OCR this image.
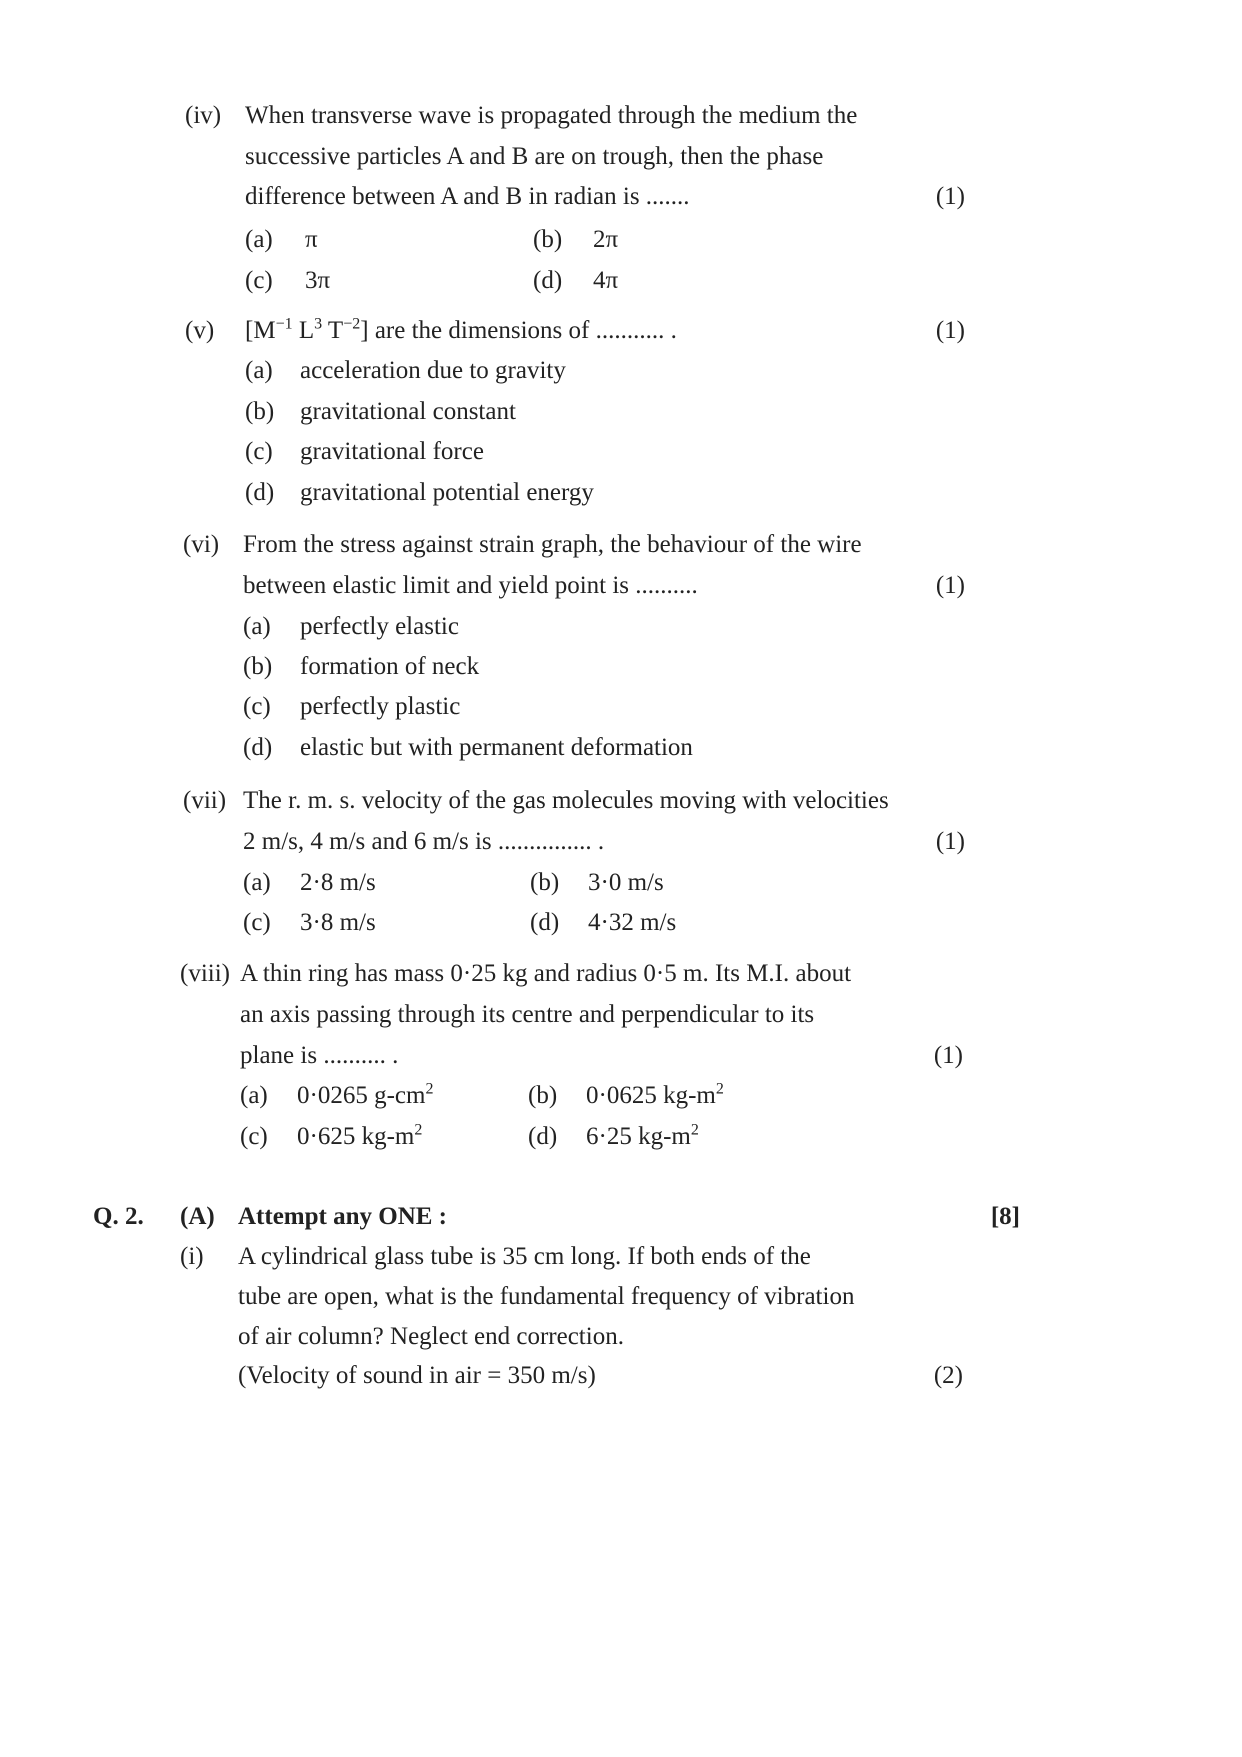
(iv) When transverse wave is propagated through the medium the
successive particles A and B are on trough, then the phase
difference between A and B in radian is .......	(1)
(a)	π	(b)	2π
(c)	3π	(d)	4π
(v)	[$M^{-1}$ $L^3$ $T^{-2}$] are the dimensions of ........... .	(1)
(a)	acceleration due to gravity
(b)	gravitational constant
(c)	gravitational force
(d)	gravitational potential energy
(vi) From the stress against strain graph, the behaviour of the wire
between elastic limit and yield point is ..........	(1)
(a)	perfectly elastic
(b)	formation of neck
(c)	perfectly plastic
(d)	elastic but with permanent deformation
(vii) The r. m. s. velocity of the gas molecules moving with velocities
2 m/s, 4 m/s and 6 m/s is ............... .	(1)
(a)	2·8 m/s	(b)	3·0 m/s
(c)	3·8 m/s	(d)	4·32 m/s
(viii) A thin ring has mass 0·25 kg and radius 0·5 m. Its M.I. about
an axis passing through its centre and perpendicular to its
plane is .......... .	(1)
(a)	0·0265 $g-cm^2$	(b)	0·0625 $kg-m^2$
(c)	0·625 $kg-m^2$	(d)	6·25 $kg-m^2$
Q. 2. (A) Attempt any ONE :	[8]
(i)	A cylindrical glass tube is 35 cm long. If both ends of the
tube are open, what is the fundamental frequency of vibration
of air column? Neglect end correction.
(Velocity of sound in air = 350 m/s)	(2)
